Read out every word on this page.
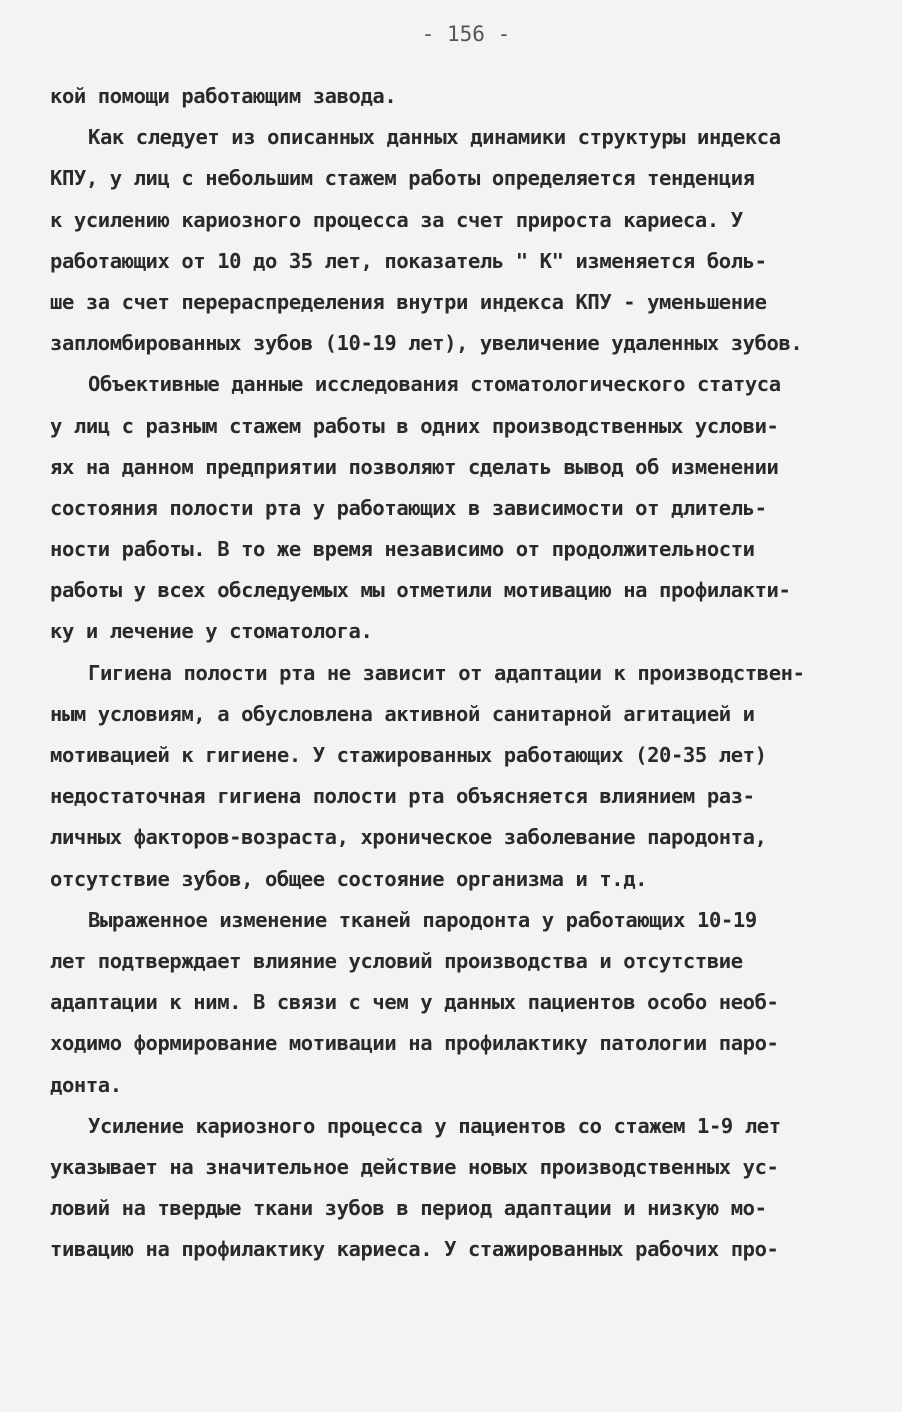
- 156 -
кой помощи работающим завода.
Как следует из описанных данных динамики структуры индекса
КПУ, у лиц с небольшим стажем работы определяется тенденция
к усилению кариозного процесса за счет прироста кариеса. У
работающих от 10 до 35 лет, показатель " К" изменяется боль-
ше за счет перераспределения внутри индекса КПУ - уменьшение
запломбированных зубов (10-19 лет), увеличение удаленных зубов.
Объективные данные исследования стоматологического статуса
у лиц с разным стажем работы в одних производственных услови-
ях на данном предприятии позволяют сделать вывод об изменении
состояния полости рта у работающих в зависимости от длитель-
ности работы. В то же время независимо от продолжительности
работы у всех обследуемых мы отметили мотивацию на профилакти-
ку и лечение у стоматолога.
Гигиена полости рта не зависит от адаптации к производствен-
ным условиям, а обусловлена активной санитарной агитацией и
мотивацией к гигиене. У стажированных работающих (20-35 лет)
недостаточная гигиена полости рта объясняется влиянием раз-
личных факторов-возраста, хроническое заболевание пародонта,
отсутствие зубов, общее состояние организма и т.д.
Выраженное изменение тканей пародонта у работающих 10-19
лет подтверждает влияние условий производства и отсутствие
адаптации к ним. В связи с чем у данных пациентов особо необ-
ходимо формирование мотивации на профилактику патологии паро-
донта.
Усиление кариозного процесса у пациентов со стажем 1-9 лет
указывает на значительное действие новых производственных ус-
ловий на твердые ткани зубов в период адаптации и низкую мо-
тивацию на профилактику кариеса. У стажированных рабочих про-
